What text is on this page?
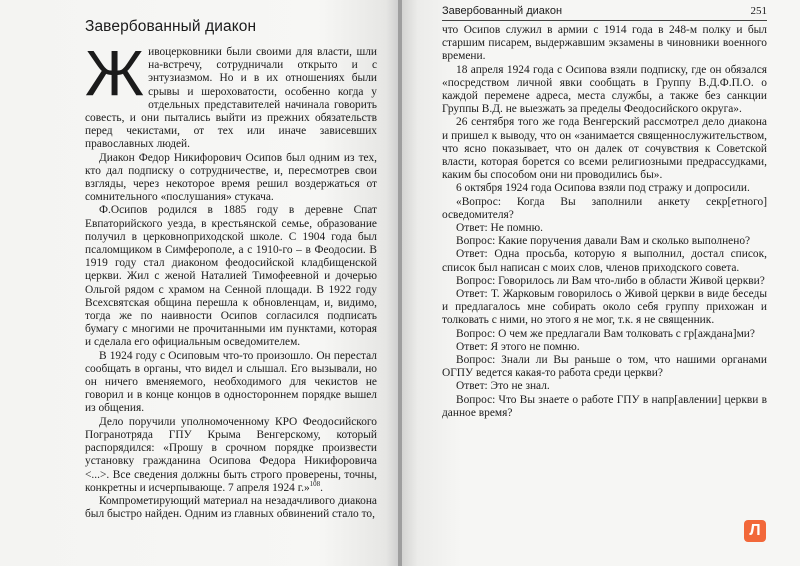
Завербованный диакон

Живоцерковники были своими для власти, шли на-встречу, сотрудничали открыто и с энтузиазмом. Но и в их отношениях были срывы и шероховатости, особенно когда у отдельных представителей начинала говорить совесть, и они пытались выйти из прежних обязательств перед чекистами, от тех или иначе зависевших православных людей.

Диакон Федор Никифорович Осипов был одним из тех, кто дал подписку о сотрудничестве, и, пересмотрев свои взгляды, через некоторое время решил воздержаться от сомнительного «послушания» стукача.

Ф.Осипов родился в 1885 году в деревне Спат Евпаторийского уезда, в крестьянской семье, образование получил в церковноприходской школе. С 1904 года был псаломщиком в Симферополе, а с 1910-го – в Феодосии. В 1919 году стал диаконом феодосийской кладбищенской церкви. Жил с женой Наталией Тимофеевной и дочерью Ольгой рядом с храмом на Сенной площади. В 1922 году Всехсвятская община перешла к обновленцам, и, видимо, тогда же по наивности Осипов согласился подписать бумагу с многими не прочитанными им пунктами, которая и сделала его официальным осведомителем.

В 1924 году с Осиповым что-то произошло. Он перестал сообщать в органы, что видел и слышал. Его вызывали, но он ничего вменяемого, необходимого для чекистов не говорил и в конце концов в одностороннем порядке вышел из общения.

Дело поручили уполномоченному КРО Феодосийского Погранотряда ГПУ Крыма Венгерскому, который распорядился: «Прошу в срочном порядке произвести установку гражданина Осипова Федора Никифоровича <...>. Все сведения должны быть строго проверены, точны, конкретны и исчерпывающе. 7 апреля 1924 г.»$^{108}$.

Компрометирующий материал на незадачливого диакона был быстро найден. Одним из главных обвинений стало то,

Завербованный диакон	251

что Осипов служил в армии с 1914 года в 248-м полку и был старшим писарем, выдержавшим экзамены в чиновники военного времени.

18 апреля 1924 года с Осипова взяли подписку, где он обязался «посредством личной явки сообщать в Группу В.Д.Ф.П.О. о каждой перемене адреса, места службы, а также без санкции Группы В.Д. не выезжать за пределы Феодосийского округа».

26 сентября того же года Венгерский рассмотрел дело диакона и пришел к выводу, что он «занимается священнослужительством, что ясно показывает, что он далек от сочувствия к Советской власти, которая борется со всеми религиозными предрассудками, каким бы способом они ни проводились бы».

6 октября 1924 года Осипова взяли под стражу и допросили.

«Вопрос: Когда Вы заполнили анкету секр[етного] осведомителя?

Ответ: Не помню.

Вопрос: Какие поручения давали Вам и сколько выполнено?

Ответ: Одна просьба, которую я выполнил, достал список, список был написан с моих слов, членов приходского совета.

Вопрос: Говорилось ли Вам что-либо в области Живой церкви?

Ответ: Т. Жарковым говорилось о Живой церкви в виде беседы и предлагалось мне собирать около себя группу прихожан и толковать с ними, но этого я не мог, т.к. я не священник.

Вопрос: О чем же предлагали Вам толковать с гр[аждана]ми?

Ответ: Я этого не помню.

Вопрос: Знали ли Вы раньше о том, что нашими органами ОГПУ ведется какая-то работа среди церкви?

Ответ: Это не знал.

Вопрос: Что Вы знаете о работе ГПУ в напр[авлении] церкви в данное время?

Л
